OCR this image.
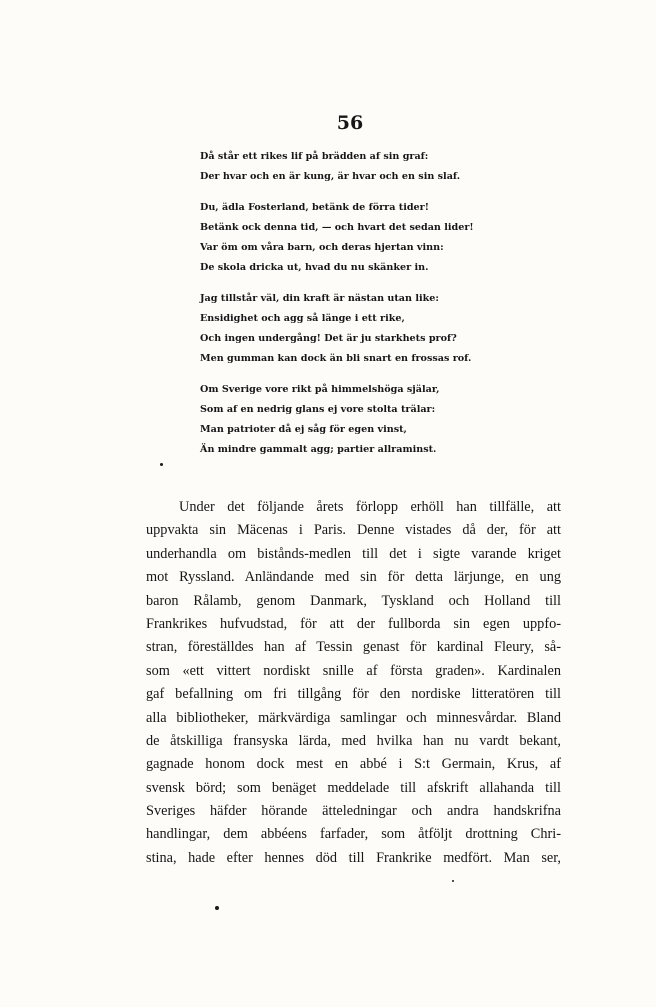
56
Då står ett rikes lif på brädden af sin graf:
Der hvar och en är kung, är hvar och en sin slaf.
Du, ädla Fosterland, betänk de förra tider!
Betänk ock denna tid, — och hvart det sedan lider!
Var öm om våra barn, och deras hjertan vinn:
De skola dricka ut, hvad du nu skänker in.
Jag tillstår väl, din kraft är nästan utan like:
Ensidighet och agg så länge i ett rike,
Och ingen undergång! Det är ju starkhets prof?
Men gumman kan dock än bli snart en frossas rof.
Om Sverige vore rikt på himmelshöga själar,
Som af en nedrig glans ej vore stolta trälar:
Man patrioter då ej såg för egen vinst,
Än mindre gammalt agg; partier allraminst.
Under det följande årets förlopp erhöll han tillfälle, att
uppvakta sin Mäcenas i Paris. Denne vistades då der, för att
underhandla om bistånds-medlen till det i sigte varande kriget
mot Ryssland. Anländande med sin för detta lärjunge, en ung
baron Rålamb, genom Danmark, Tyskland och Holland till
Frankrikes hufvudstad, för att der fullborda sin egen uppfo-
stran, föreställdes han af Tessin genast för kardinal Fleury, så-
som «ett vittert nordiskt snille af första graden». Kardinalen
gaf befallning om fri tillgång för den nordiske litteratören till
alla bibliotheker, märkvärdiga samlingar och minnesvårdar. Bland
de åtskilliga fransyska lärda, med hvilka han nu vardt bekant,
gagnade honom dock mest en abbé i S:t Germain, Krus, af
svensk börd; som benäget meddelade till afskrift allahanda till
Sveriges häfder hörande ätteledningar och andra handskrifna
handlingar, dem abbéens farfader, som åtföljt drottning Chri-
stina, hade efter hennes död till Frankrike medfört. Man ser,
